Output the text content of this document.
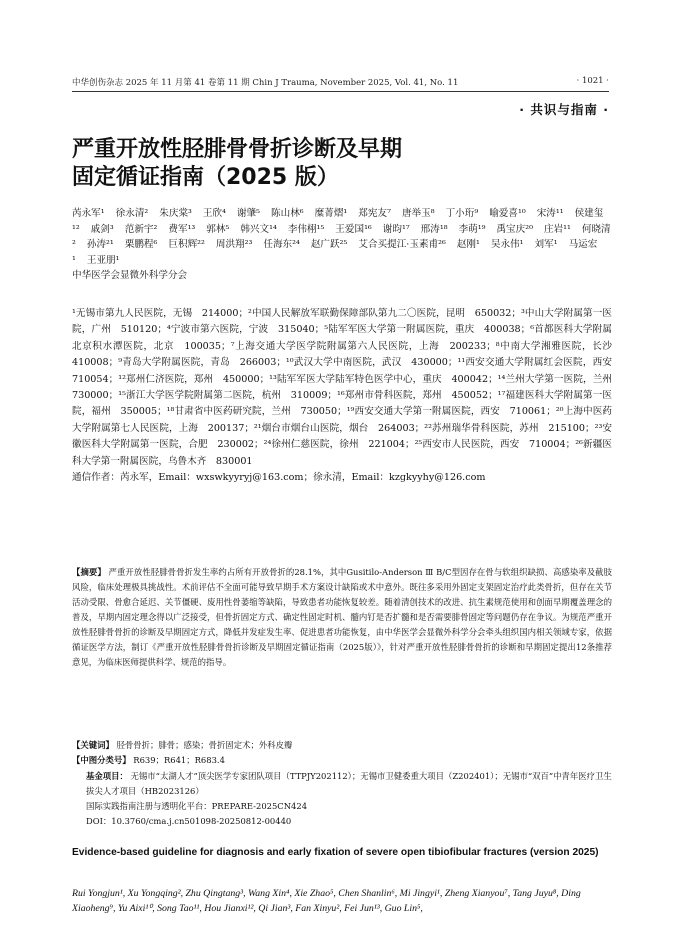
中华创伤杂志 2025 年 11 月第 41 卷第 11 期 Chin J Trauma, November 2025, Vol. 41, No. 11	· 1021 ·
· 共识与指南 ·
严重开放性胫腓骨骨折诊断及早期
固定循证指南（2025 版）
芮永军¹ 徐永清² 朱庆棠³ 王欣⁴ 谢肇⁵ 陈山林⁶ 糜菁熠¹ 郑宪友⁷ 唐举玉⁸ 丁小珩⁹ 喻爱喜¹⁰ 宋涛¹¹ 侯建玺¹² 戚剑³ 范新宇² 费军¹³ 郭林⁵ 韩兴文¹⁴ 李伟栩¹⁵ 王爱国¹⁶ 谢昀¹⁷ 邢涛¹⁸ 李萌¹⁹ 禹宝庆²⁰ 庄岩¹¹ 何晓清² 孙涛²¹ 栗鹏程⁶ 巨积辉²² 周洪翔²³ 任海东²⁴ 赵广跃²⁵ 艾合买提江·玉素甫²⁶ 赵刚¹ 吴永伟¹ 刘军¹ 马运宏¹ 王亚朋¹
中华医学会显微外科学分会
¹无锡市第九人民医院，无锡　214000；²中国人民解放军联勤保障部队第九二〇医院，昆明　650032；³中山大学附属第一医院，广州　510120；⁴宁波市第六医院，宁波　315040；⁵陆军军医大学第一附属医院，重庆　400038；⁶首都医科大学附属北京积水潭医院，北京　100035；⁷上海交通大学医学院附属第六人民医院，上海　200233；⁸中南大学湘雅医院，长沙　410008；⁹青岛大学附属医院，青岛　266003；¹⁰武汉大学中南医院，武汉　430000；¹¹西安交通大学附属红会医院，西安　710054；¹²郑州仁济医院，郑州　450000；¹³陆军军医大学陆军特色医学中心，重庆　400042；¹⁴兰州大学第一医院，兰州　730000；¹⁵浙江大学医学院附属第二医院，杭州　310009；¹⁶郑州市骨科医院，郑州　450052；¹⁷福建医科大学附属第一医院，福州　350005；¹⁸甘肃省中医药研究院，兰州　730050；¹⁹西安交通大学第一附属医院，西安　710061；²⁰上海中医药大学附属第七人民医院，上海　200137；²¹烟台市烟台山医院，烟台　264003；²²苏州瑞华骨科医院，苏州　215100；²³安徽医科大学附属第一医院，合肥　230002；²⁴徐州仁慈医院，徐州　221004；²⁵西安市人民医院，西安　710004；²⁶新疆医科大学第一附属医院，乌鲁木齐　830001
通信作者：芮永军，Email：wxswkyyryj@163.com；徐永清，Email：kzgkyyhy@126.com
【摘要】 严重开放性胫腓骨骨折发生率约占所有开放骨折的28.1%，其中Gusitilo-Anderson Ⅲ B/C型因存在骨与软组织缺损、高感染率及截肢风险，临床处理极具挑战性。术前评估不全面可能导致早期手术方案设计缺陷或术中意外。既往多采用外固定支架固定治疗此类骨折，但存在关节活动受限、骨愈合延迟、关节僵硬、废用性骨萎缩等缺陷，导致患者功能恢复较差。随着清创技术的改进、抗生素规范使用和创面早期覆盖理念的普及，早期内固定理念得以广泛接受，但骨折固定方式、确定性固定时机、髓内钉是否扩髓和是否需要腓骨固定等问题仍存在争议。为规范严重开放性胫腓骨骨折的诊断及早期固定方式，降低并发症发生率、促进患者功能恢复，由中华医学会显微外科学分会牵头组织国内相关领域专家，依据循证医学方法，制订《严重开放性胫腓骨骨折诊断及早期固定循证指南（2025版）》，针对严重开放性胫腓骨骨折的诊断和早期固定提出12条推荐意见，为临床医师提供科学、规范的指导。
【关键词】 胫骨骨折；腓骨；感染；骨折固定术；外科皮瓣
【中图分类号】 R639；R641；R683.4
基金项目： 无锡市“太湖人才”顶尖医学专家团队项目（TTPJY202112）；无锡市卫健委重大项目（Z202401）；无锡市“双百”中青年医疗卫生拔尖人才项目（HB2023126）
国际实践指南注册与透明化平台：PREPARE-2025CN424
DOI：10.3760/cma.j.cn501098-20250812-00440
Evidence-based guideline for diagnosis and early fixation of severe open tibiofibular fractures (version 2025)
Rui Yongjun¹, Xu Yongqing², Zhu Qingtang³, Wang Xin⁴, Xie Zhao⁵, Chen Shanlin⁶, Mi Jingyi¹, Zheng Xianyou⁷, Tang Juyu⁸, Ding Xiaoheng⁹, Yu Aixi¹⁰, Song Tao¹¹, Hou Jianxi¹², Qi Jian³, Fan Xinyu², Fei Jun¹³, Guo Lin⁵,
